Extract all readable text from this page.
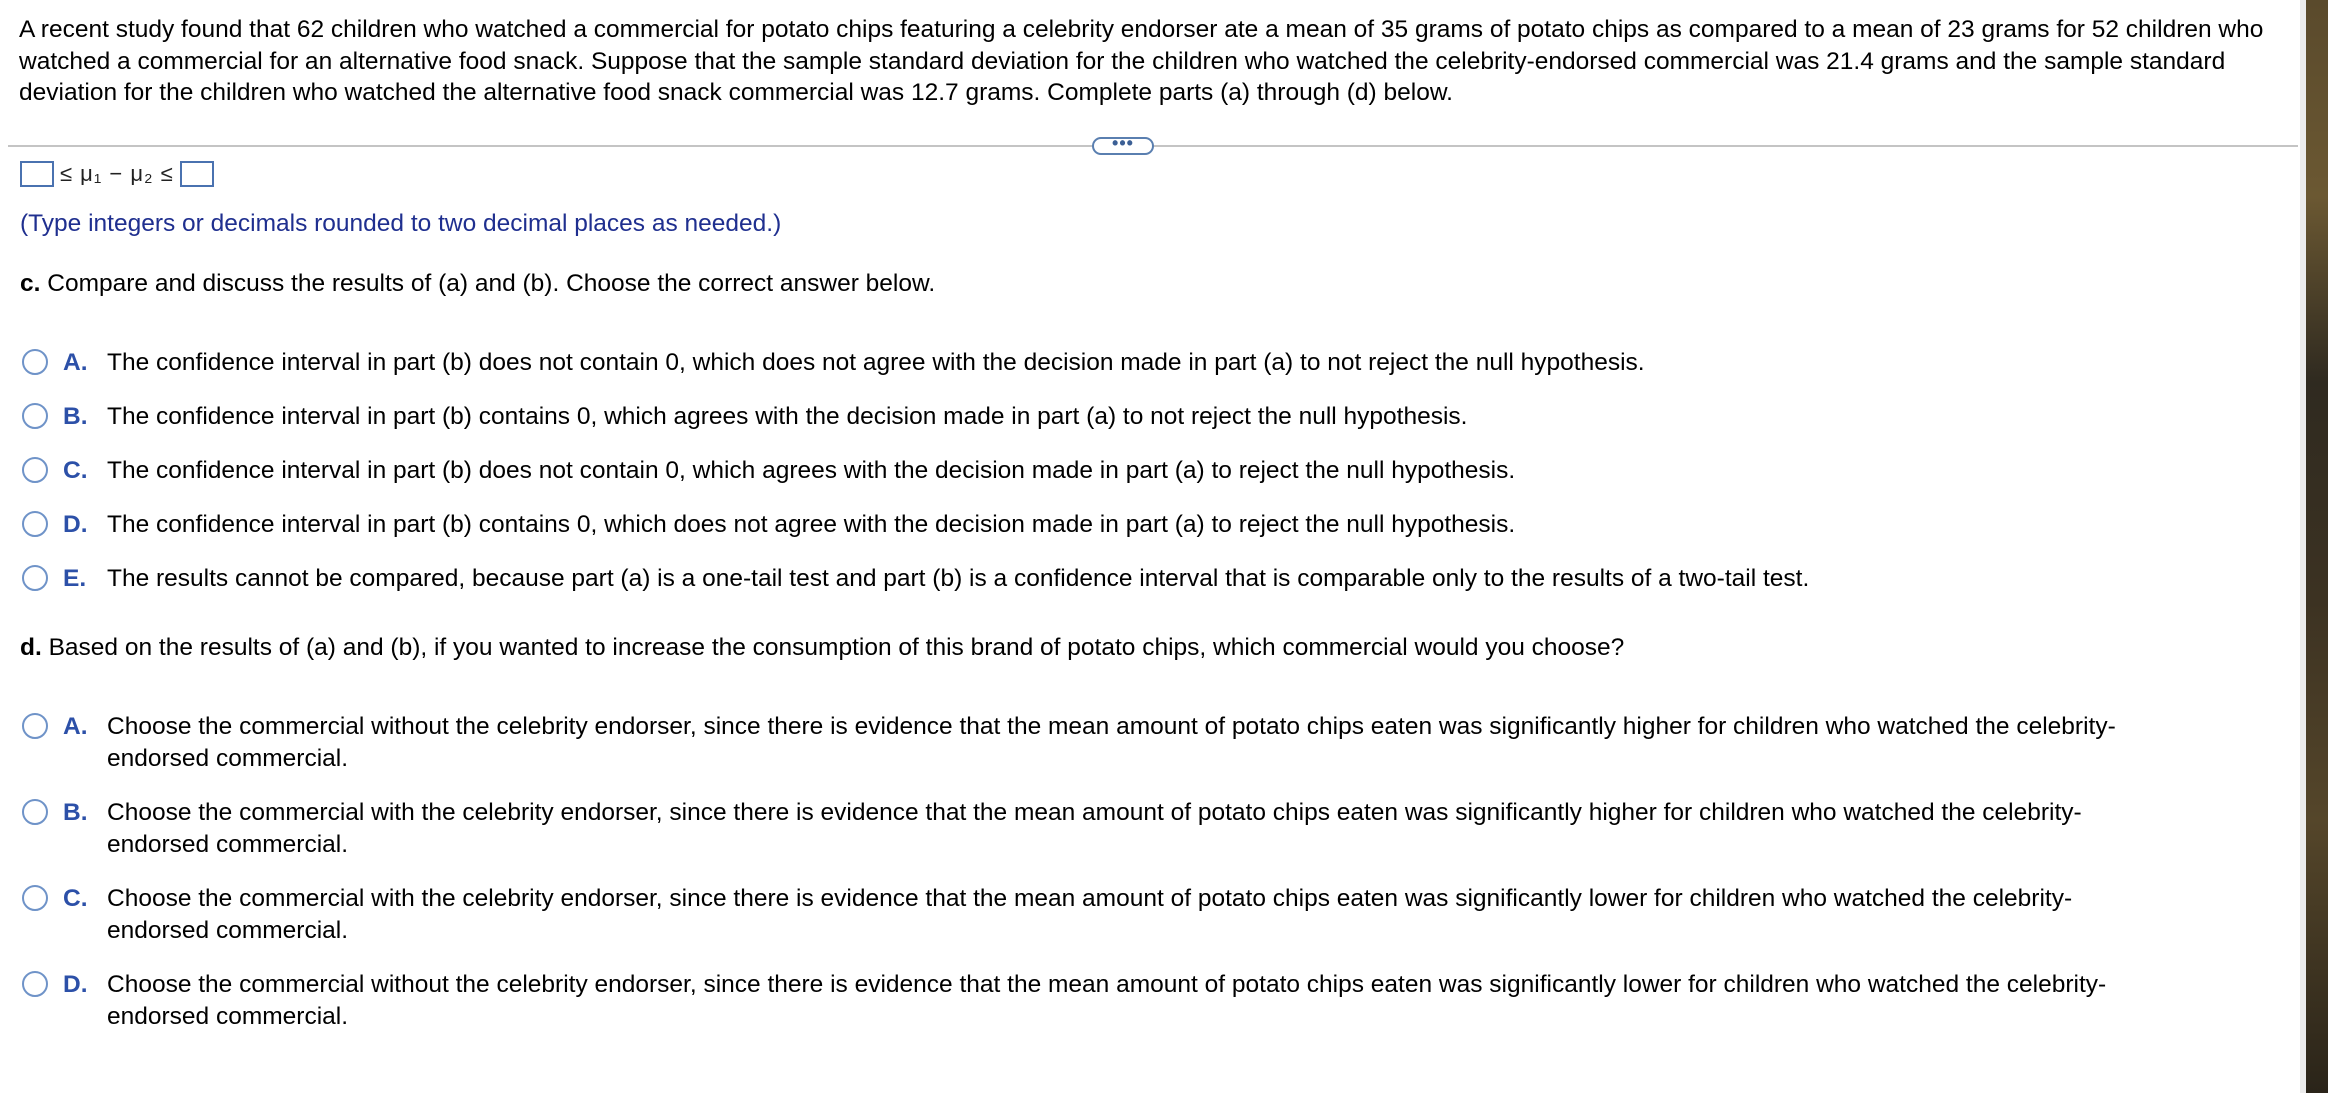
A recent study found that 62 children who watched a commercial for potato chips featuring a celebrity endorser ate a mean of 35 grams of potato chips as compared to a mean of 23 grams for 52 children who watched a commercial for an alternative food snack. Suppose that the sample standard deviation for the children who watched the celebrity-endorsed commercial was 21.4 grams and the sample standard deviation for the children who watched the alternative food snack commercial was 12.7 grams. Complete parts (a) through (d) below.
•••
≤ μ₁ − μ₂ ≤
(Type integers or decimals rounded to two decimal places as needed.)
c. Compare and discuss the results of (a) and (b). Choose the correct answer below.
A. The confidence interval in part (b) does not contain 0, which does not agree with the decision made in part (a) to not reject the null hypothesis.
B. The confidence interval in part (b) contains 0, which agrees with the decision made in part (a) to not reject the null hypothesis.
C. The confidence interval in part (b) does not contain 0, which agrees with the decision made in part (a) to reject the null hypothesis.
D. The confidence interval in part (b) contains 0, which does not agree with the decision made in part (a) to reject the null hypothesis.
E. The results cannot be compared, because part (a) is a one-tail test and part (b) is a confidence interval that is comparable only to the results of a two-tail test.
d. Based on the results of (a) and (b), if you wanted to increase the consumption of this brand of potato chips, which commercial would you choose?
A. Choose the commercial without the celebrity endorser, since there is evidence that the mean amount of potato chips eaten was significantly higher for children who watched the celebrity-endorsed commercial.
B. Choose the commercial with the celebrity endorser, since there is evidence that the mean amount of potato chips eaten was significantly higher for children who watched the celebrity-endorsed commercial.
C. Choose the commercial with the celebrity endorser, since there is evidence that the mean amount of potato chips eaten was significantly lower for children who watched the celebrity-endorsed commercial.
D. Choose the commercial without the celebrity endorser, since there is evidence that the mean amount of potato chips eaten was significantly lower for children who watched the celebrity-endorsed commercial.
